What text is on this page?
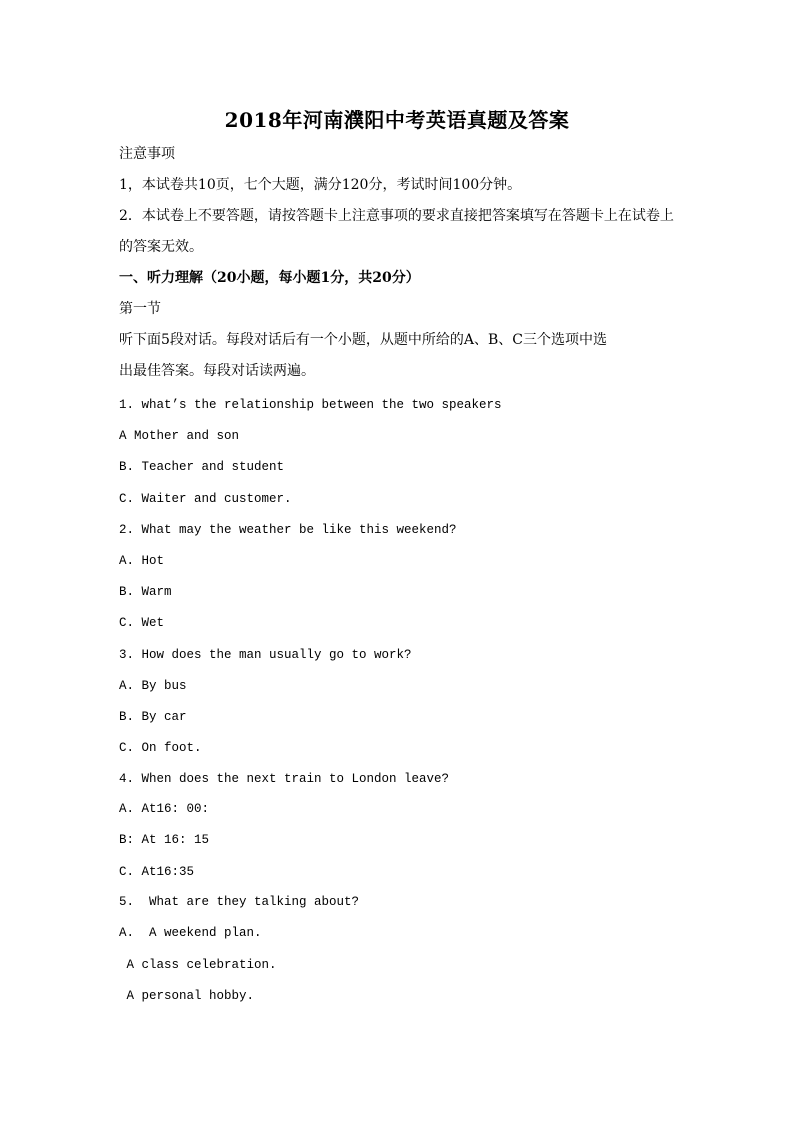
2018年河南濮阳中考英语真题及答案

注意事项

1，本试卷共10页，七个大题，满分120分，考试时间100分钟。

2．本试卷上不要答题，请按答题卡上注意事项的要求直接把答案填写在答题卡上在试卷上

的答案无效。

一、听力理解（20小题，每小题1分，共20分）

第一节

听下面5段对话。每段对话后有一个小题，从题中所给的A、B、C三个选项中选

出最佳答案。每段对话读两遍。

1. what’s the relationship between the two speakers

A Mother and son

B. Teacher and student

C. Waiter and customer.

2. What may the weather be like this weekend?

A. Hot

B. Warm

C. Wet

3. How does the man usually go to work?

A. By bus

B. By car

C. On foot.

4. When does the next train to London leave?

A. At16: 00:

B: At 16: 15

C. At16:35

5.  What are they talking about?

A.  A weekend plan.

A class celebration.

A personal hobby.
